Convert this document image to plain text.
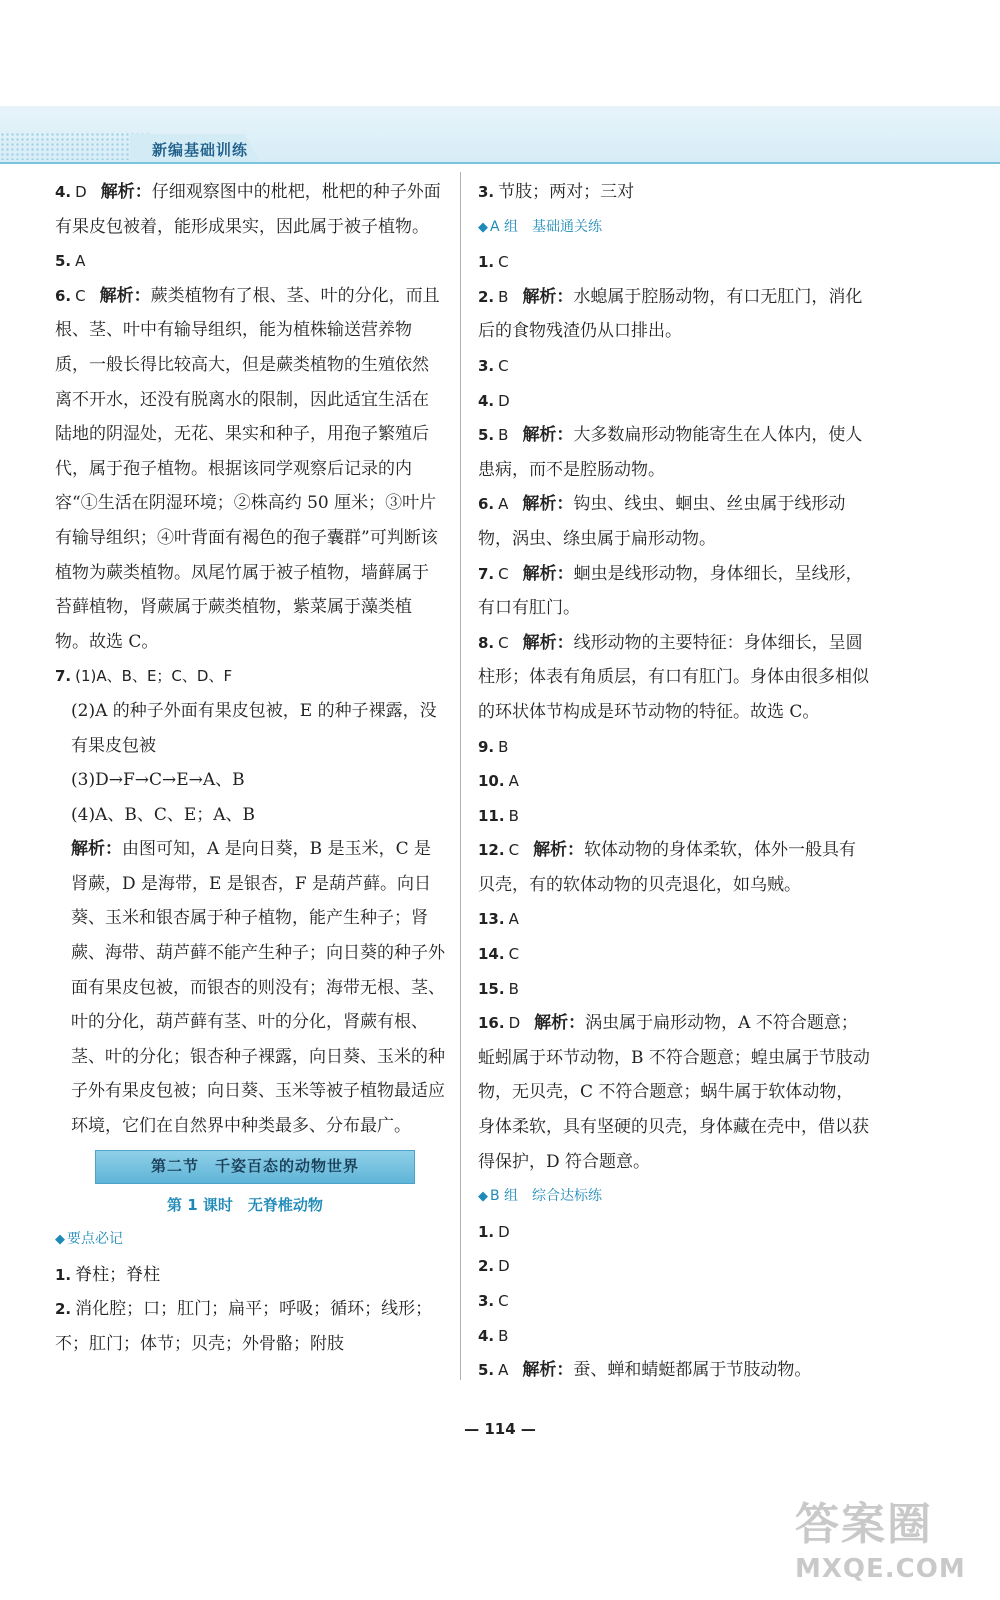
新编基础训练

4. D 解析：仔细观察图中的枇杷，枇杷的种子外面有果皮包被着，能形成果实，因此属于被子植物。

5. A

6. C 解析：蕨类植物有了根、茎、叶的分化，而且根、茎、叶中有输导组织，能为植株输送营养物质，一般长得比较高大，但是蕨类植物的生殖依然离不开水，还没有脱离水的限制，因此适宜生活在陆地的阴湿处，无花、果实和种子，用孢子繁殖后代，属于孢子植物。根据该同学观察后记录的内容“①生活在阴湿环境；②株高约 50 厘米；③叶片有输导组织；④叶背面有褐色的孢子囊群”可判断该植物为蕨类植物。凤尾竹属于被子植物，墙藓属于苔藓植物，肾蕨属于蕨类植物，紫菜属于藻类植物。故选 C。

7. (1)A、B、E；C、D、F

(2)A 的种子外面有果皮包被，E 的种子裸露，没有果皮包被

(3)D→F→C→E→A、B

(4)A、B、C、E；A、B

解析：由图可知，A 是向日葵，B 是玉米，C 是肾蕨，D 是海带，E 是银杏，F 是葫芦藓。向日葵、玉米和银杏属于种子植物，能产生种子；肾蕨、海带、葫芦藓不能产生种子；向日葵的种子外面有果皮包被，而银杏的则没有；海带无根、茎、叶的分化，葫芦藓有茎、叶的分化，肾蕨有根、茎、叶的分化；银杏种子裸露，向日葵、玉米的种子外有果皮包被；向日葵、玉米等被子植物最适应环境，它们在自然界中种类最多、分布最广。

第二节　千姿百态的动物世界
第 1 课时　无脊椎动物
◆ 要点必记

1. 脊柱；脊柱

2. 消化腔；口；肛门；扁平；呼吸；循环；线形；不；肛门；体节；贝壳；外骨骼；附肢

3. 节肢；两对；三对

◆ A 组　基础通关练

1. C

2. B 解析：水螅属于腔肠动物，有口无肛门，消化后的食物残渣仍从口排出。

3. C

4. D

5. B 解析：大多数扁形动物能寄生在人体内，使人患病，而不是腔肠动物。

6. A 解析：钩虫、线虫、蛔虫、丝虫属于线形动物，涡虫、绦虫属于扁形动物。

7. C 解析：蛔虫是线形动物，身体细长，呈线形，有口有肛门。

8. C 解析：线形动物的主要特征：身体细长，呈圆柱形；体表有角质层，有口有肛门。身体由很多相似的环状体节构成是环节动物的特征。故选 C。

9. B

10. A

11. B

12. C 解析：软体动物的身体柔软，体外一般具有贝壳，有的软体动物的贝壳退化，如乌贼。

13. A

14. C

15. B

16. D 解析：涡虫属于扁形动物，A 不符合题意；蚯蚓属于环节动物，B 不符合题意；蝗虫属于节肢动物，无贝壳，C 不符合题意；蜗牛属于软体动物，身体柔软，具有坚硬的贝壳，身体藏在壳中，借以获得保护，D 符合题意。

◆ B 组　综合达标练

1. D

2. D

3. C

4. B

5. A 解析：蚕、蝉和蜻蜓都属于节肢动物。

— 114 —
答案圈
MXQE.COM
